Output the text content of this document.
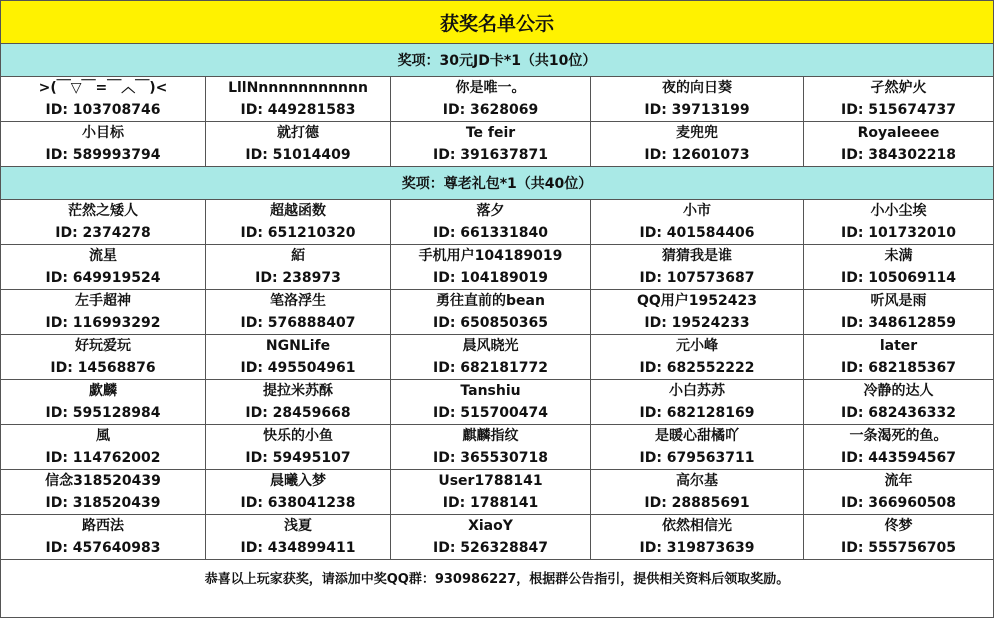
获奖名单公示
奖项：30元JD卡*1（共10位）
>(￣▽￣=￣︿￣)<
ID: 103708746
LllNnnnnnnnnnnn
ID: 449281583
你是唯一。
ID: 3628069
夜的向日葵
ID: 39713199
孑然妒火
ID: 515674737
小目标
ID: 589993794
就打德
ID: 51014409
Te feir
ID: 391637871
麦兜兜
ID: 12601073
Royaleeee
ID: 384302218
奖项：尊老礼包*1（共40位）
茫然之矮人
ID: 2374278
超越函数
ID: 651210320
落夕
ID: 661331840
小市
ID: 401584406
小小尘埃
ID: 101732010
流星
ID: 649919524
絔
ID: 238973
手机用户104189019
ID: 104189019
猜猜我是谁
ID: 107573687
未满
ID: 105069114
左手超神
ID: 116993292
笔洛浮生
ID: 576888407
勇往直前的bean
ID: 650850365
QQ用户1952423
ID: 19524233
听风是雨
ID: 348612859
好玩爱玩
ID: 14568876
NGNLife
ID: 495504961
晨风晓光
ID: 682181772
元小峰
ID: 682552222
later
ID: 682185367
歔麟
ID: 595128984
提拉米苏酥
ID: 28459668
Tanshiu
ID: 515700474
小白苏苏
ID: 682128169
冷静的达人
ID: 682436332
風
ID: 114762002
快乐的小鱼
ID: 59495107
麒麟指纹
ID: 365530718
是暖心甜橘吖
ID: 679563711
一条渴死的鱼。
ID: 443594567
信念318520439
ID: 318520439
晨曦入梦
ID: 638041238
User1788141
ID: 1788141
高尔基
ID: 28885691
流年
ID: 366960508
路西法
ID: 457640983
浅夏
ID: 434899411
XiaoY
ID: 526328847
依然相信光
ID: 319873639
佟梦
ID: 555756705
恭喜以上玩家获奖，请添加中奖QQ群：930986227，根据群公告指引，提供相关资料后领取奖励。
